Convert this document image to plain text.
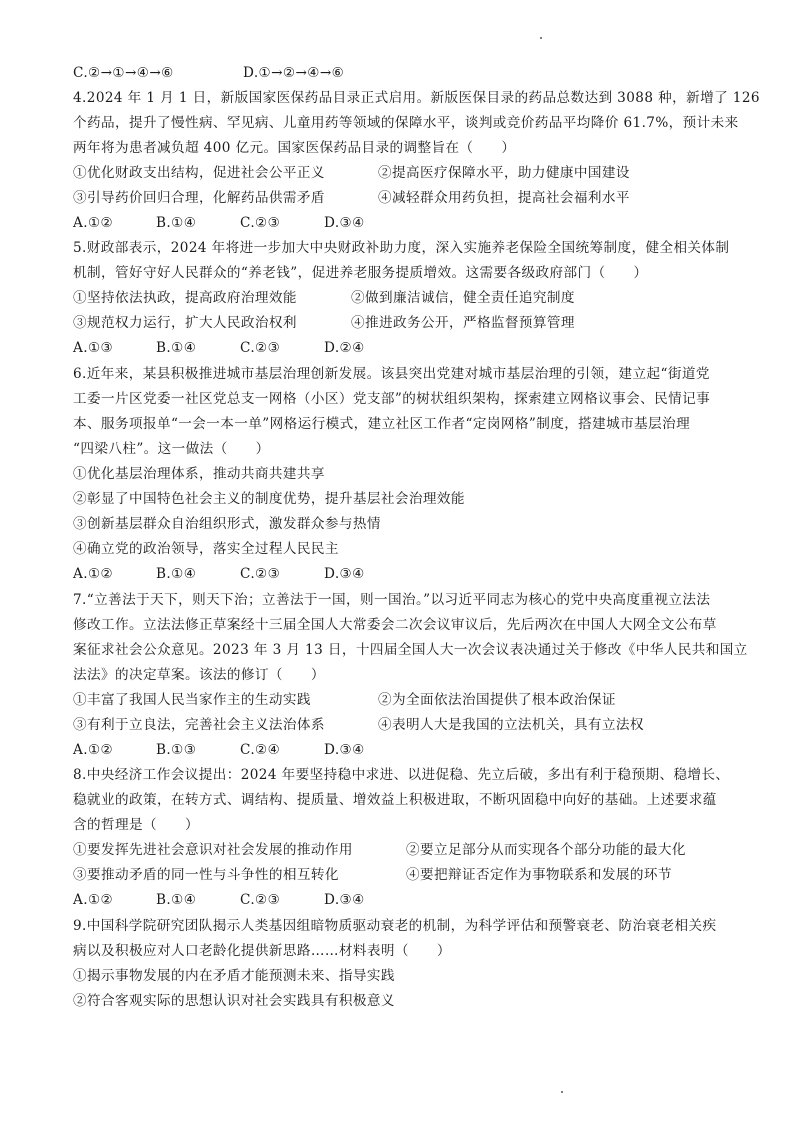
C.②→①→④→⑥	D.①→②→④→⑥
4.2024 年 1 月 1 日，新版国家医保药品目录正式启用。新版医保目录的药品总数达到 3088 种，新增了 126
个药品，提升了慢性病、罕见病、儿童用药等领域的保障水平，谈判或竞价药品平均降价 61.7%，预计未来
两年将为患者减负超 400 亿元。国家医保药品目录的调整旨在（　　）
①优化财政支出结构，促进社会公平正义	②提高医疗保障水平，助力健康中国建设
③引导药价回归合理，化解药品供需矛盾	④减轻群众用药负担，提高社会福利水平
A.①②	B.①④	C.②③	D.③④
5.财政部表示，2024 年将进一步加大中央财政补助力度，深入实施养老保险全国统筹制度，健全相关体制
机制，管好守好人民群众的“养老钱”，促进养老服务提质增效。这需要各级政府部门（　　）
①坚持依法执政，提高政府治理效能	②做到廉洁诚信，健全责任追究制度
③规范权力运行，扩大人民政治权利	④推进政务公开，严格监督预算管理
A.①③	B.①④	C.②③	D.②④
6.近年来，某县积极推进城市基层治理创新发展。该县突出党建对城市基层治理的引领，建立起“街道党
工委一片区党委一社区党总支一网格（小区）党支部”的树状组织架构，探索建立网格议事会、民情记事
本、服务项报单“一会一本一单”网格运行模式，建立社区工作者“定岗网格”制度，搭建城市基层治理
“四梁八柱”。这一做法（　　）
①优化基层治理体系，推动共商共建共享
②彰显了中国特色社会主义的制度优势，提升基层社会治理效能
③创新基层群众自治组织形式，激发群众参与热情
④确立党的政治领导，落实全过程人民民主
A.①②	B.①④	C.②③	D.③④
7.“立善法于天下，则天下治；立善法于一国，则一国治。”以习近平同志为核心的党中央高度重视立法法
修改工作。立法法修正草案经十三届全国人大常委会二次会议审议后，先后两次在中国人大网全文公布草
案征求社会公众意见。2023 年 3 月 13 日，十四届全国人大一次会议表决通过关于修改《中华人民共和国立
法法》的决定草案。该法的修订（　　）
①丰富了我国人民当家作主的生动实践	②为全面依法治国提供了根本政治保证
③有利于立良法，完善社会主义法治体系	④表明人大是我国的立法机关，具有立法权
A.①②	B.①③	C.②④	D.③④
8.中央经济工作会议提出：2024 年要坚持稳中求进、以进促稳、先立后破，多出有利于稳预期、稳增长、
稳就业的政策，在转方式、调结构、提质量、增效益上积极进取，不断巩固稳中向好的基础。上述要求蕴
含的哲理是（　　）
①要发挥先进社会意识对社会发展的推动作用	②要立足部分从而实现各个部分功能的最大化
③要推动矛盾的同一性与斗争性的相互转化	④要把辩证否定作为事物联系和发展的环节
A.①②	B.①④	C.②③	D.③④
9.中国科学院研究团队揭示人类基因组暗物质驱动衰老的机制，为科学评估和预警衰老、防治衰老相关疾
病以及积极应对人口老龄化提供新思路……材料表明（　　）
①揭示事物发展的内在矛盾才能预测未来、指导实践
②符合客观实际的思想认识对社会实践具有积极意义
